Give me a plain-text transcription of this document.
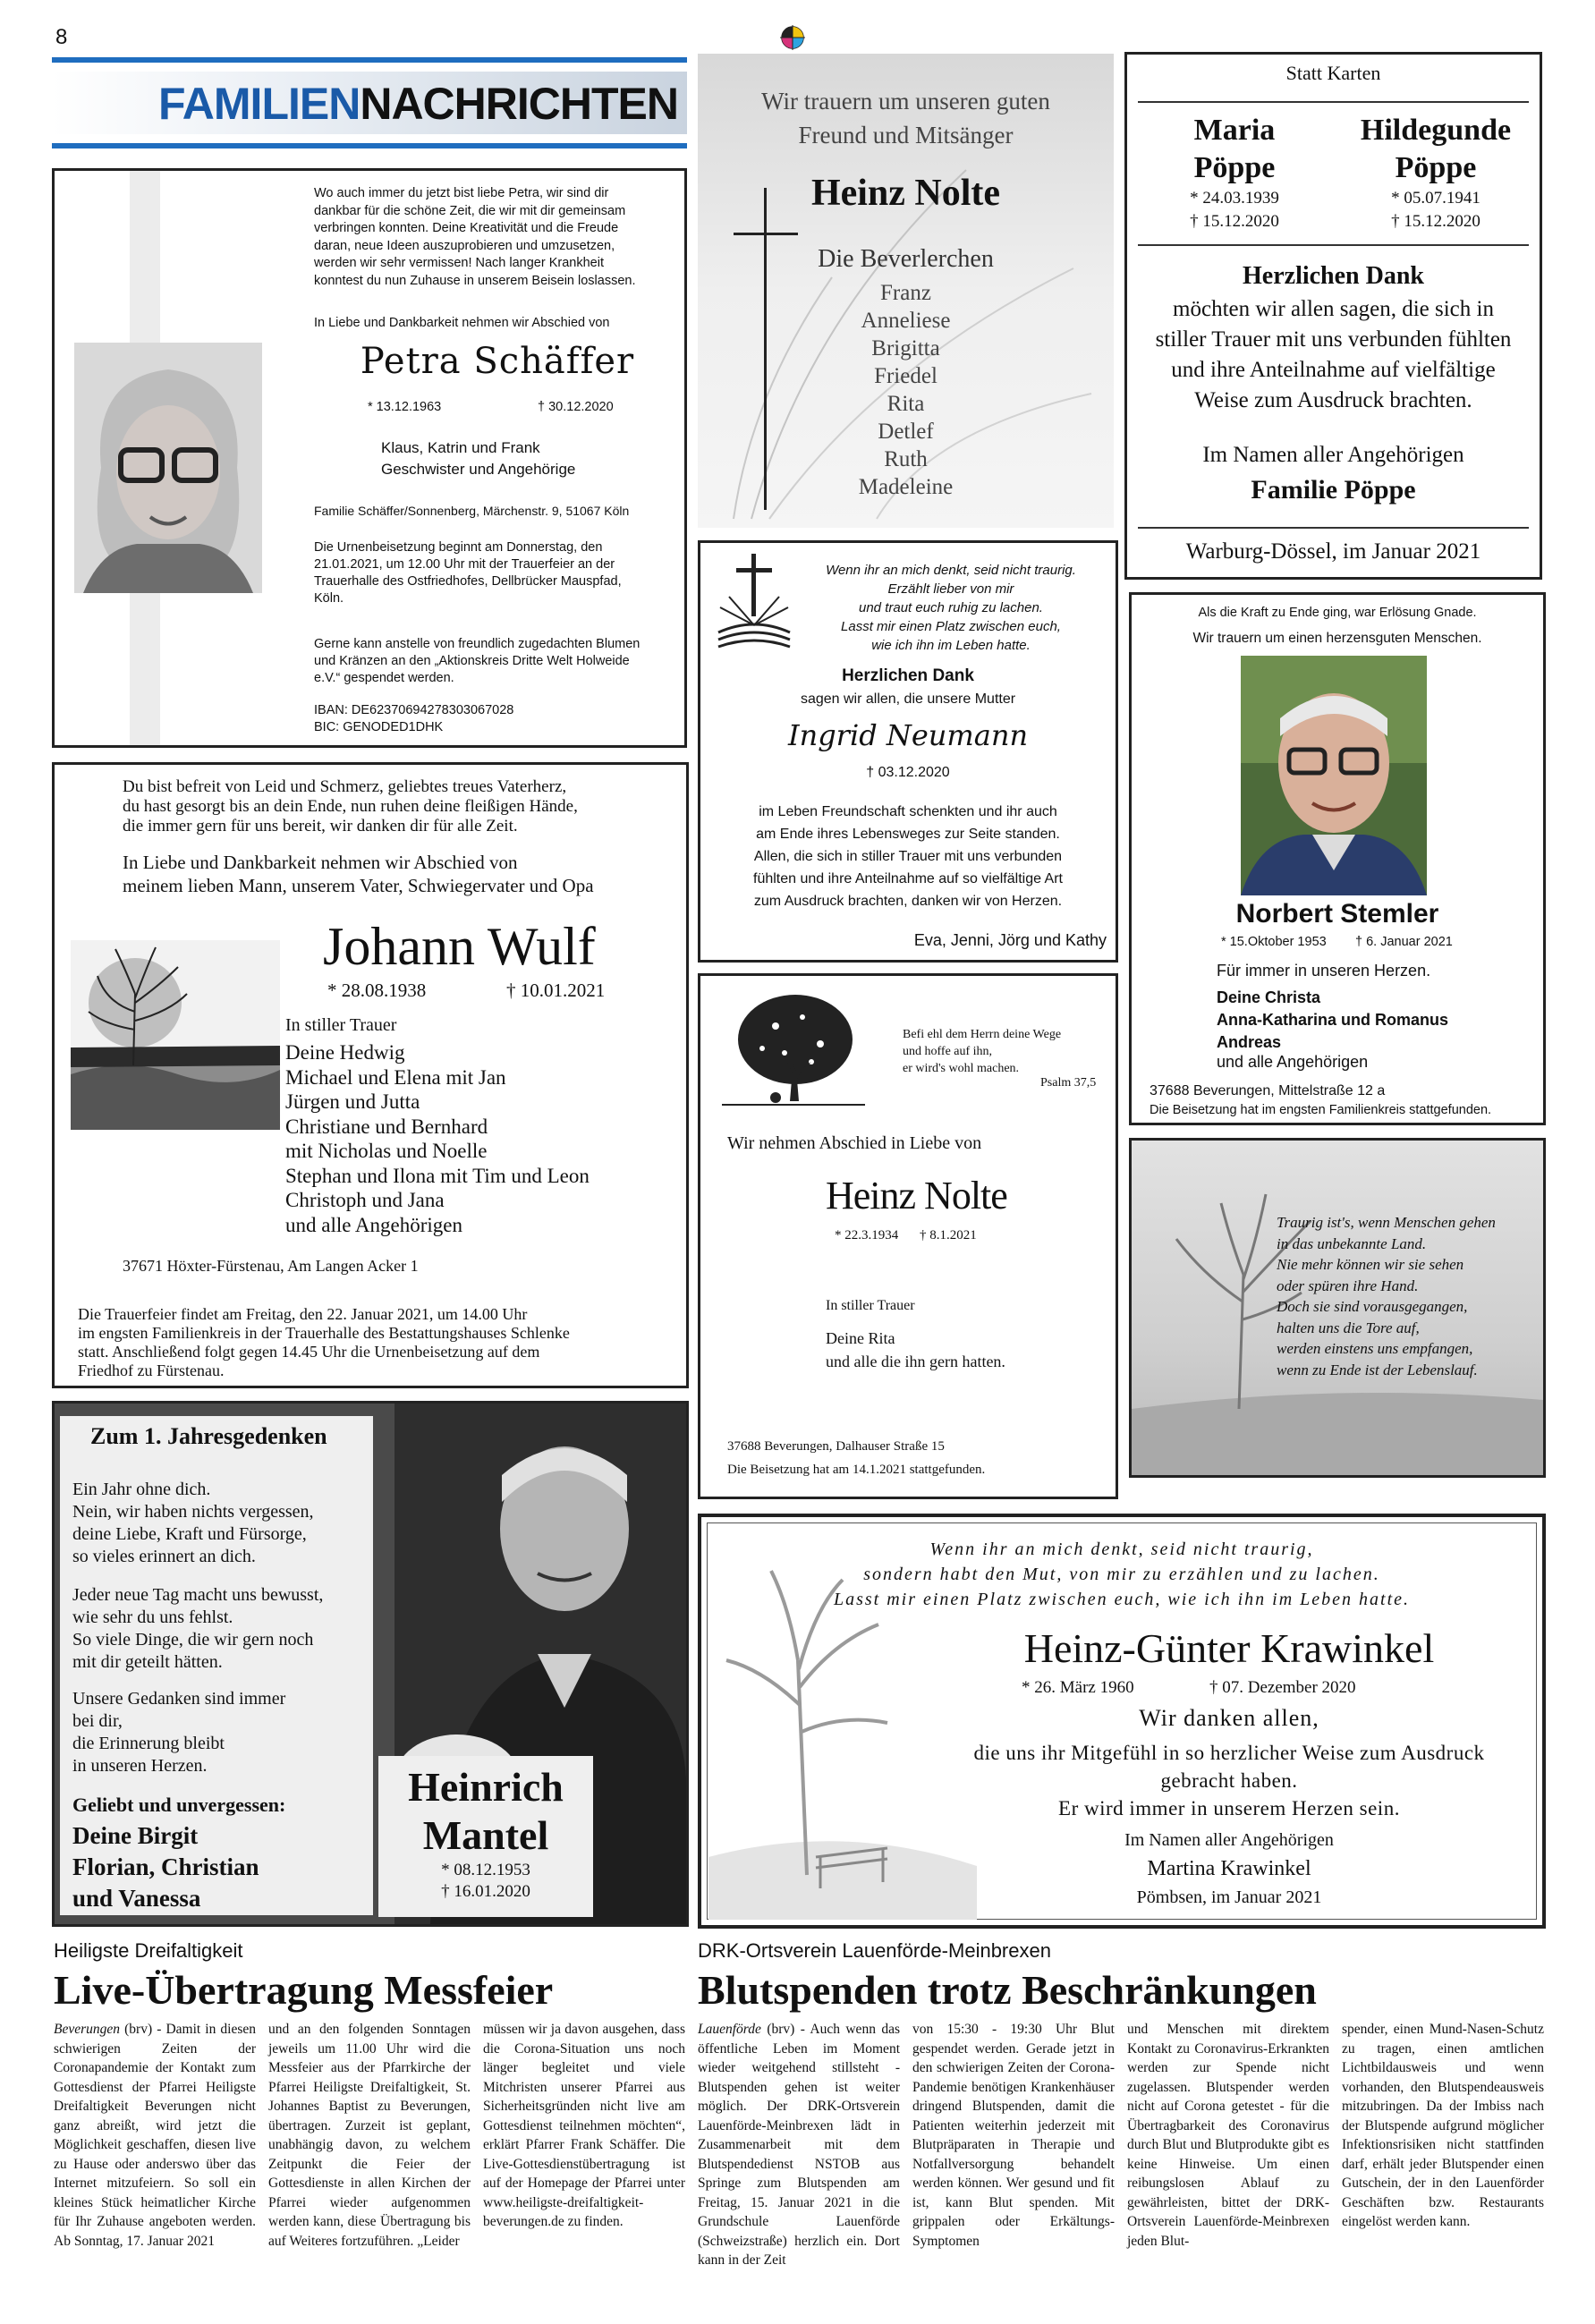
8
FAMILIENNACHRICHTEN
Wo auch immer du jetzt bist liebe Petra, wir sind dir
dankbar für die schöne Zeit, die wir mit dir gemeinsam
verbringen konnten. Deine Kreativität und die Freude
daran, neue Ideen auszuprobieren und umzusetzen,
werden wir sehr vermissen! Nach langer Krankheit
konntest du nun Zuhause in unserem Beisein loslassen.
In Liebe und Dankbarkeit nehmen wir Abschied von
Petra Schäffer
* 13.12.1963	† 30.12.2020
Klaus, Katrin und Frank
Geschwister und Angehörige
Familie Schäffer/Sonnenberg, Märchenstr. 9, 51067 Köln
Die Urnenbeisetzung beginnt am Donnerstag, den
21.01.2021, um 12.00 Uhr mit der Trauerfeier an der
Trauerhalle des Ostfriedhofes, Dellbrücker Mauspfad,
Köln.
Gerne kann anstelle von freundlich zugedachten Blumen
und Kränzen an den „Aktionskreis Dritte Welt Holweide
e.V.“ gespendet werden.
IBAN: DE62370694278303067028
BIC: GENODED1DHK
Wir trauern um unseren guten
Freund und Mitsänger
Heinz Nolte
Die Beverlerchen
Franz
Anneliese
Brigitta
Friedel
Rita
Detlef
Ruth
Madeleine
Statt Karten
Maria
Pöppe
* 24.03.1939
† 15.12.2020
Hildegunde
Pöppe
* 05.07.1941
† 15.12.2020
Herzlichen Dank
möchten wir allen sagen, die sich in
stiller Trauer mit uns verbunden fühlten
und ihre Anteilnahme auf vielfältige
Weise zum Ausdruck brachten.
Im Namen aller Angehörigen
Familie Pöppe
Warburg-Dössel, im Januar 2021
Wenn ihr an mich denkt, seid nicht traurig.
Erzählt lieber von mir
und traut euch ruhig zu lachen.
Lasst mir einen Platz zwischen euch,
wie ich ihn im Leben hatte.
Herzlichen Dank
sagen wir allen, die unsere Mutter
Ingrid Neumann
† 03.12.2020
im Leben Freundschaft schenkten und ihr auch
am Ende ihres Lebensweges zur Seite standen.
Allen, die sich in stiller Trauer mit uns verbunden
fühlten und ihre Anteilnahme auf so vielfältige Art
zum Ausdruck brachten, danken wir von Herzen.
Eva, Jenni, Jörg und Kathy
Als die Kraft zu Ende ging, war Erlösung Gnade.
Wir trauern um einen herzensguten Menschen.
Norbert Stemler
* 15.Oktober 1953 † 6. Januar 2021
Für immer in unseren Herzen.
Deine Christa
Anna-Katharina und Romanus
Andreas
und alle Angehörigen
37688 Beverungen, Mittelstraße 12 a
Die Beisetzung hat im engsten Familienkreis stattgefunden.
Du bist befreit von Leid und Schmerz, geliebtes treues Vaterherz,
du hast gesorgt bis an dein Ende, nun ruhen deine fleißigen Hände,
die immer gern für uns bereit, wir danken dir für alle Zeit.
In Liebe und Dankbarkeit nehmen wir Abschied von
meinem lieben Mann, unserem Vater, Schwiegervater und Opa
Johann Wulf
* 28.08.1938	† 10.01.2021
In stiller Trauer
Deine Hedwig
Michael und Elena mit Jan
Jürgen und Jutta
Christiane und Bernhard
mit Nicholas und Noelle
Stephan und Ilona mit Tim und Leon
Christoph und Jana
und alle Angehörigen
37671 Höxter-Fürstenau, Am Langen Acker 1
Die Trauerfeier findet am Freitag, den 22. Januar 2021, um 14.00 Uhr
im engsten Familienkreis in der Trauerhalle des Bestattungshauses Schlenke
statt. Anschließend folgt gegen 14.45 Uhr die Urnenbeisetzung auf dem
Friedhof zu Fürstenau.
Befi ehl dem Herrn deine Wege
und hoffe auf ihn,
er wird's wohl machen.
Psalm 37,5
Wir nehmen Abschied in Liebe von
Heinz Nolte
* 22.3.1934 † 8.1.2021
In stiller Trauer
Deine Rita
und alle die ihn gern hatten.
37688 Beverungen, Dalhauser Straße 15
Die Beisetzung hat am 14.1.2021 stattgefunden.
Traurig ist's, wenn Menschen gehen
in das unbekannte Land.
Nie mehr können wir sie sehen
oder spüren ihre Hand.
Doch sie sind vorausgegangen,
halten uns die Tore auf,
werden einstens uns empfangen,
wenn zu Ende ist der Lebenslauf.
Zum 1. Jahresgedenken
Ein Jahr ohne dich.
Nein, wir haben nichts vergessen,
deine Liebe, Kraft und Fürsorge,
so vieles erinnert an dich.
Jeder neue Tag macht uns bewusst,
wie sehr du uns fehlst.
So viele Dinge, die wir gern noch
mit dir geteilt hätten.
Unsere Gedanken sind immer
bei dir,
die Erinnerung bleibt
in unseren Herzen.
Geliebt und unvergessen:
Deine Birgit
Florian, Christian
und Vanessa
Heinrich
Mantel
* 08.12.1953
† 16.01.2020
Wenn ihr an mich denkt, seid nicht traurig,
sondern habt den Mut, von mir zu erzählen und zu lachen.
Lasst mir einen Platz zwischen euch, wie ich ihn im Leben hatte.
Heinz-Günter Krawinkel
* 26. März 1960	† 07. Dezember 2020
Wir danken allen,
die uns ihr Mitgefühl in so herzlicher Weise zum Ausdruck
gebracht haben.
Er wird immer in unserem Herzen sein.
Im Namen aller Angehörigen
Martina Krawinkel
Pömbsen, im Januar 2021
Heiligste Dreifaltigkeit
Live-Übertragung Messfeier

Beverungen (brv) - Damit in diesen schwierigen Zeiten der Coronapandemie der Kontakt zum Gottesdienst der Pfarrei Heiligste Dreifaltigkeit Beverungen nicht ganz abreißt, wird jetzt die Möglichkeit geschaffen, diesen live zu Hause oder anderswo über das Internet mitzufeiern. So soll ein kleines Stück heimatlicher Kirche für Ihr Zuhause angeboten werden. Ab Sonntag, 17. Januar 2021

und an den folgenden Sonntagen jeweils um 11.00 Uhr wird die Messfeier aus der Pfarrkirche der Pfarrei Heiligste Dreifaltigkeit, St. Johannes Baptist zu Beverungen, übertragen. Zurzeit ist geplant, unabhängig davon, zu welchem Zeitpunkt die Feier der Gottesdienste in allen Kirchen der Pfarrei wieder aufgenommen werden kann, diese Übertragung bis auf Weiteres fortzuführen. „Leider

müssen wir ja davon ausgehen, dass die Corona-Situation uns noch länger begleitet und viele Mitchristen unserer Pfarrei aus Sicherheitsgründen nicht live am Gottesdienst teilnehmen möchten“, erklärt Pfarrer Frank Schäffer. Die Live-Gottesdienstübertragung ist auf der Homepage der Pfarrei unter www.heiligste-dreifaltigkeit-beverungen.de zu finden.

DRK-Ortsverein Lauenförde-Meinbrexen
Blutspenden trotz Beschränkungen

Lauenförde (brv) - Auch wenn das öffentliche Leben im Moment wieder weitgehend stillsteht - Blutspenden gehen ist weiter möglich. Der DRK-Ortsverein Lauenförde-Meinbrexen lädt in Zusammenarbeit mit dem Blutspendedienst NSTOB aus Springe zum Blutspenden am Freitag, 15. Januar 2021 in die Grundschule Lauenförde (Schweizstraße) herzlich ein. Dort kann in der Zeit

von 15:30 - 19:30 Uhr Blut gespendet werden. Gerade jetzt in den schwierigen Zeiten der Corona-Pandemie benötigen Krankenhäuser dringend Blutspenden, damit die Patienten weiterhin jederzeit mit Blutpräparaten in Therapie und Notfallversorgung behandelt werden können. Wer gesund und fit ist, kann Blut spenden. Mit grippalen oder Erkältungs-Symptomen

und Menschen mit direktem Kontakt zu Coronavirus-Erkrankten werden zur Spende nicht zugelassen. Blutspender werden nicht auf Corona getestet - für die Übertragbarkeit des Coronavirus durch Blut und Blutprodukte gibt es keine Hinweise. Um einen reibungslosen Ablauf zu gewährleisten, bittet der DRK-Ortsverein Lauenförde-Meinbrexen jeden Blut-

spender, einen Mund-Nasen-Schutz zu tragen, einen amtlichen Lichtbildausweis und wenn vorhanden, den Blutspendeausweis mitzubringen. Da der Imbiss nach der Blutspende aufgrund möglicher Infektionsrisiken nicht stattfinden darf, erhält jeder Blutspender einen Gutschein, der in den Lauenförder Geschäften bzw. Restaurants eingelöst werden kann.
